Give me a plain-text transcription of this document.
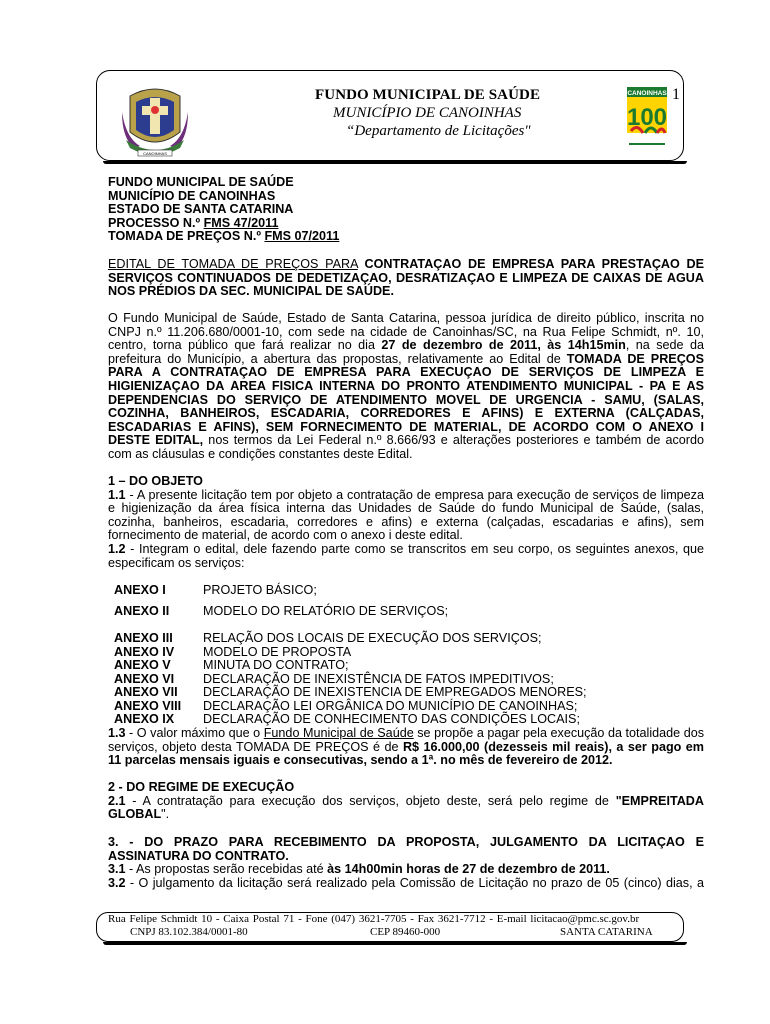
CANOINHAS
FUNDO MUNICIPAL DE SAÚDE
MUNICÍPIO DE CANOINHAS
“Departamento de Licitações"
1
CANOINHAS
100
FUNDO MUNICIPAL DE SAÚDE
MUNICÍPIO DE CANOINHAS
ESTADO DE SANTA CATARINA
PROCESSO N.º FMS 47/2011
TOMADA DE PREÇOS N.º FMS 07/2011
EDITAL DE TOMADA DE PREÇOS PARA CONTRATAÇÃO DE EMPRESA PARA PRESTAÇÃO DE
SERVIÇOS CONTINUADOS DE DEDETIZAÇÃO, DESRATIZAÇÃO E LIMPEZA DE CAIXAS DE ÁGUA
NOS PRÉDIOS DA SEC. MUNICIPAL DE SAÚDE.
O Fundo Municipal de Saúde, Estado de Santa Catarina, pessoa jurídica de direito público, inscrita no
CNPJ n.º 11.206.680/0001-10, com sede na cidade de Canoinhas/SC, na Rua Felipe Schmidt, nº. 10,
centro, torna público que fará realizar no dia 27 de dezembro de 2011, às 14h15min, na sede da
prefeitura do Município, a abertura das propostas, relativamente ao Edital de TOMADA DE PREÇOS
PARA A CONTRATAÇÃO DE EMPRESA PARA EXECUÇÃO DE SERVIÇOS DE LIMPEZA E
HIGIENIZAÇÃO DA ÁREA FÍSICA INTERNA DO PRONTO ATENDIMENTO MUNICIPAL - PA E AS
DEPENDÊNCIAS DO SERVIÇO DE ATENDIMENTO MÓVEL DE URGÊNCIA - SAMU, (SALAS,
COZINHA, BANHEIROS, ESCADARIA, CORREDORES E AFINS) E EXTERNA (CALÇADAS,
ESCADARIAS E AFINS), SEM FORNECIMENTO DE MATERIAL, DE ACORDO COM O ANEXO I
DESTE EDITAL, nos termos da Lei Federal n.º 8.666/93 e alterações posteriores e também de acordo
com as cláusulas e condições constantes deste Edital.
1 – DO OBJETO
1.1 - A presente licitação tem por objeto a contratação de empresa para execução de serviços de limpeza
e higienização da área física interna das Unidades de Saúde do fundo Municipal de Saúde, (salas,
cozinha, banheiros, escadaria, corredores e afins) e externa (calçadas, escadarias e afins), sem
fornecimento de material, de acordo com o anexo i deste edital.
1.2 - Integram o edital, dele fazendo parte como se transcritos em seu corpo, os seguintes anexos, que
especificam os serviços:
ANEXO I	PROJETO BÁSICO;
ANEXO II	MODELO DO RELATÓRIO DE SERVIÇOS;
ANEXO III RELAÇÃO DOS LOCAIS DE EXECUÇÃO DOS SERVIÇOS;
ANEXO IV MODELO DE PROPOSTA
ANEXO V	MINUTA DO CONTRATO;
ANEXO VI DECLARAÇÃO DE INEXISTÊNCIA DE FATOS IMPEDITIVOS;
ANEXO VII DECLARAÇÃO DE INEXISTENCIA DE EMPREGADOS MENORES;
ANEXO VIII DECLARAÇÃO LEI ORGÂNICA DO MUNICÍPIO DE CANOINHAS;
ANEXO IX DECLARAÇÃO DE CONHECIMENTO DAS CONDIÇÕES LOCAIS;
1.3 - O valor máximo que o Fundo Municipal de Saúde se propõe a pagar pela execução da totalidade dos
serviços, objeto desta TOMADA DE PREÇOS é de R$ 16.000,00 (dezesseis mil reais), a ser pago em
11 parcelas mensais iguais e consecutivas, sendo a 1ª. no mês de fevereiro de 2012.
2 - DO REGIME DE EXECUÇÃO
2.1 - A contratação para execução dos serviços, objeto deste, será pelo regime de "EMPREITADA
GLOBAL".
3. - DO PRAZO PARA RECEBIMENTO DA PROPOSTA, JULGAMENTO DA LICITAÇÃO E
ASSINATURA DO CONTRATO.
3.1 - As propostas serão recebidas até às 14h00min horas de 27 de dezembro de 2011.
3.2 - O julgamento da licitação será realizado pela Comissão de Licitação no prazo de 05 (cinco) dias, a
Rua Felipe Schmidt 10 - Caixa Postal 71 - Fone (047) 3621-7705 - Fax 3621-7712 - E-mail licitacao@pmc.sc.gov.br
CNPJ 83.102.384/0001-80	CEP 89460-000	SANTA CATARINA
